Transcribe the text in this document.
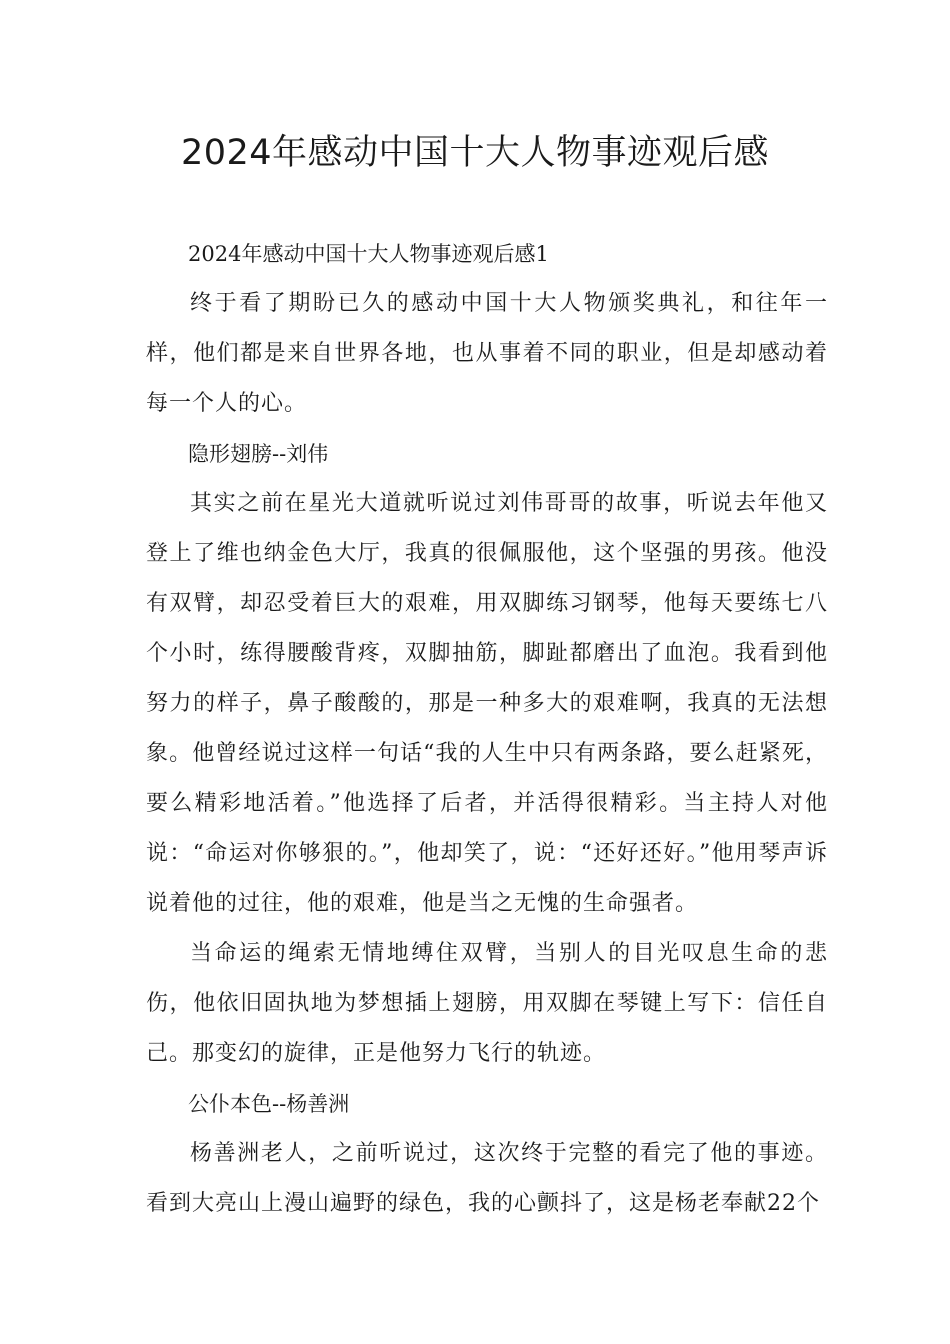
2024年感动中国十大人物事迹观后感

2024年感动中国十大人物事迹观后感1

终于看了期盼已久的感动中国十大人物颁奖典礼，和往年一样，他们都是来自世界各地，也从事着不同的职业，但是却感动着每一个人的心。

隐形翅膀--刘伟

其实之前在星光大道就听说过刘伟哥哥的故事，听说去年他又登上了维也纳金色大厅，我真的很佩服他，这个坚强的男孩。他没有双臂，却忍受着巨大的艰难，用双脚练习钢琴，他每天要练七八个小时，练得腰酸背疼，双脚抽筋，脚趾都磨出了血泡。我看到他努力的样子，鼻子酸酸的，那是一种多大的艰难啊，我真的无法想象。他曾经说过这样一句话“我的人生中只有两条路，要么赶紧死，要么精彩地活着。”他选择了后者，并活得很精彩。当主持人对他说：“命运对你够狠的。”，他却笑了，说：“还好还好。”他用琴声诉说着他的过往，他的艰难，他是当之无愧的生命强者。

当命运的绳索无情地缚住双臂，当别人的目光叹息生命的悲伤，他依旧固执地为梦想插上翅膀，用双脚在琴键上写下：信任自己。那变幻的旋律，正是他努力飞行的轨迹。

公仆本色--杨善洲

杨善洲老人，之前听说过，这次终于完整的看完了他的事迹。看到大亮山上漫山遍野的绿色，我的心颤抖了，这是杨老奉献22个
